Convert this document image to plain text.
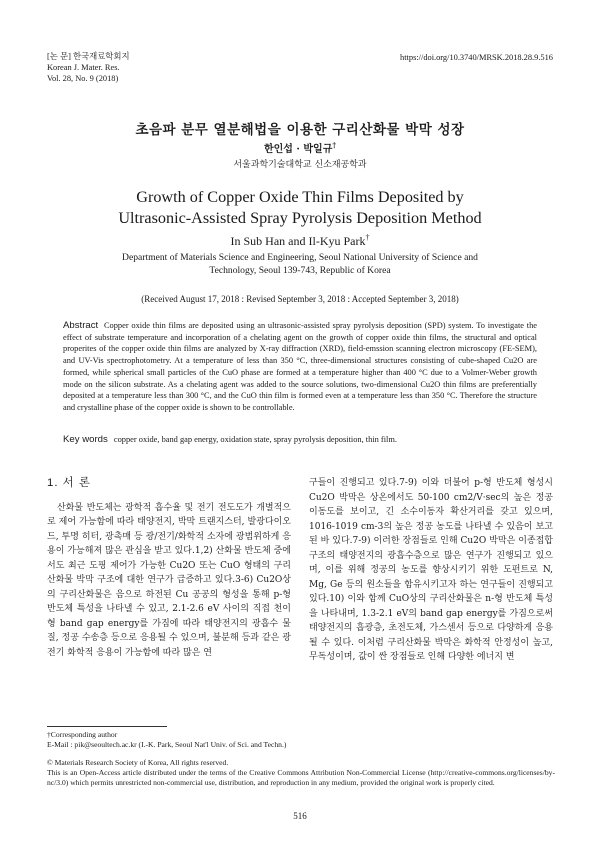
[논 문] 한국재료학회지
Korean J. Mater. Res.
Vol. 28, No. 9 (2018)
https://doi.org/10.3740/MRSK.2018.28.9.516
초음파 분무 열분해법을 이용한 구리산화물 박막 성장
한인섭 · 박일규†
서울과학기술대학교 신소재공학과
Growth of Copper Oxide Thin Films Deposited by
Ultrasonic-Assisted Spray Pyrolysis Deposition Method
In Sub Han and Il-Kyu Park†
Department of Materials Science and Engineering, Seoul National University of Science and
Technology, Seoul 139-743, Republic of Korea
(Received August 17, 2018 : Revised September 3, 2018 : Accepted September 3, 2018)
Abstract Copper oxide thin films are deposited using an ultrasonic-assisted spray pyrolysis deposition (SPD) system. To investigate the effect of substrate temperature and incorporation of a chelating agent on the growth of copper oxide thin films, the structural and optical properites of the copper oxide thin films are analyzed by X-ray diffraction (XRD), field-emssion scanning electron microscopy (FE-SEM), and UV-Vis spectrophotometry. At a temperature of less than 350 °C, three-dimensional structures consisting of cube-shaped Cu2O are formed, while spherical small particles of the CuO phase are formed at a temperature higher than 400 °C due to a Volmer-Weber growth mode on the silicon substrate. As a chelating agent was added to the source solutions, two-dimensional Cu2O thin films are preferentially deposited at a temperature less than 300 °C, and the CuO thin film is formed even at a temperature less than 350 °C. Therefore the structure and crystalline phase of the copper oxide is shown to be controllable.
Key words copper oxide, band gap energy, oxidation state, spray pyrolysis deposition, thin film.
1. 서 론

산화물 반도체는 광학적 흡수율 및 전기 전도도가 개별적으로 제어 가능함에 따라 태양전지, 박막 트랜지스터, 발광다이오드, 투명 히터, 광촉매 등 광/전기/화학적 소자에 광범위하게 응용이 가능해져 많은 관심을 받고 있다.1,2) 산화물 반도체 중에서도 최근 도핑 제어가 가능한 Cu2O 또는 CuO 형태의 구리산화물 박막 구조에 대한 연구가 급증하고 있다.3-6) Cu2O상의 구리산화물은 음으로 하전된 Cu 공공의 형성을 통해 p-형 반도체 특성을 나타낼 수 있고, 2.1-2.6 eV 사이의 직접 천이형 band gap energy를 가짐에 따라 태양전지의 광흡수 물질, 정공 수송층 등으로 응용될 수 있으며, 불분해 등과 같은 광전기 화학적 응용이 가능함에 따라 많은 연

구들이 진행되고 있다.7-9) 이와 더불어 p-형 반도체 형성시 Cu2O 박막은 상온에서도 50-100 cm2/V·sec의 높은 정공 이동도를 보이고, 긴 소수이동자 확산거리를 갖고 있으며, 1016-1019 cm-3의 높은 정공 농도를 나타낼 수 있음이 보고된 바 있다.7-9) 이러한 장점들로 인해 Cu2O 박막은 이종접합구조의 태양전지의 광흡수층으로 많은 연구가 진행되고 있으며, 이를 위해 정공의 농도를 향상시키기 위한 도펀트로 N, Mg, Ge 등의 원소들을 함유시키고자 하는 연구들이 진행되고 있다.10) 이와 함께 CuO상의 구리산화물은 n-형 반도체 특성을 나타내며, 1.3-2.1 eV의 band gap energy를 가짐으로써 태양전지의 흡광층, 초전도체, 가스센서 등으로 다양하게 응용될 수 있다. 이처럼 구리산화물 박막은 화학적 안정성이 높고, 무독성이며, 값이 싼 장점들로 인해 다양한 에너지 변

†Corresponding author
E-Mail : pik@seoultech.ac.kr (I.-K. Park, Seoul Nat'l Univ. of Sci. and Techn.)
© Materials Research Society of Korea, All rights reserved.
This is an Open-Access article distributed under the terms of the Creative Commons Attribution Non-Commercial License (http://creative-commons.org/licenses/by-nc/3.0) which permits unrestricted non-commercial use, distribution, and reproduction in any medium, provided the original work is properly cited.
516
